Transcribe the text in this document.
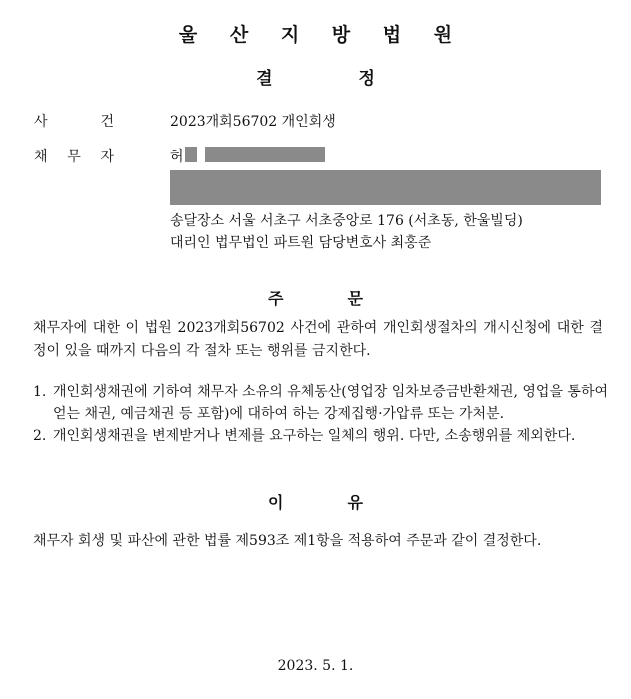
울 산 지 방 법 원
결	정
사	건	2023개회56702 개인회생
채 무 자	허
송달장소 서울 서초구 서초중앙로 176 (서초동, 한울빌딩)
대리인 법무법인 파트원 담당변호사 최홍준
주	문
채무자에 대한 이 법원 2023개회56702 사건에 관하여 개인회생절차의 개시신청에 대한 결정이 있을 때까지 다음의 각 절차 또는 행위를 금지한다.
1. 개인회생채권에 기하여 채무자 소유의 유체동산(영업장 임차보증금반환채권, 영업을 통하여 얻는 채권, 예금채권 등 포함)에 대하여 하는 강제집행·가압류 또는 가처분.
2. 개인회생채권을 변제받거나 변제를 요구하는 일체의 행위. 다만, 소송행위를 제외한다.
이	유
채무자 회생 및 파산에 관한 법률 제593조 제1항을 적용하여 주문과 같이 결정한다.
2023. 5. 1.
